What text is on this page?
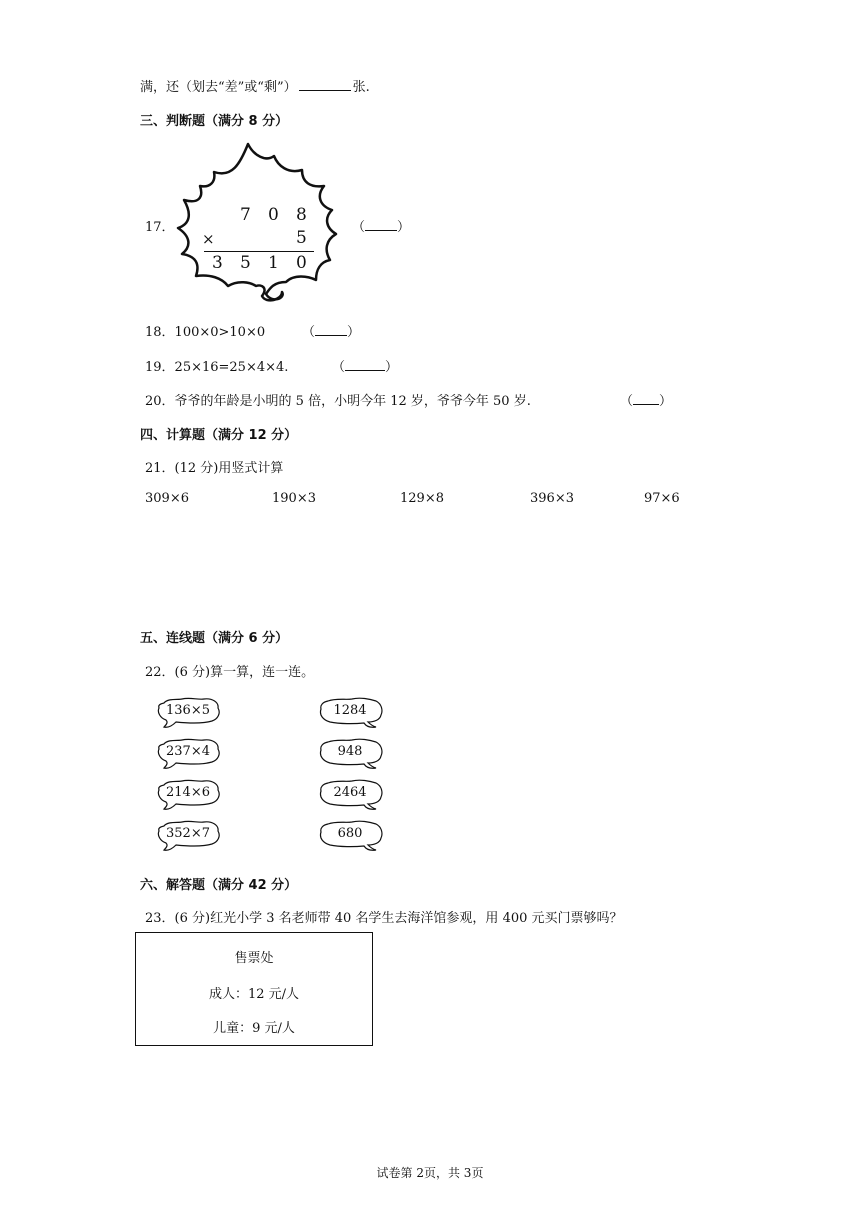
满，还（划去“差”或“剩”）	张.
三、判断题（满分 8 分）
17．
7 0 8
×	5
3 5 1 0
（ ）
18．100×0>10×0	（ ）
19．25×16=25×4×4.	（	）
20．爷爷的年龄是小明的 5 倍，小明今年 12 岁，爷爷今年 50 岁.	（ ）
四、计算题（满分 12 分）
21．(12 分)用竖式计算
309×6	190×3	129×8	396×3	97×6
五、连线题（满分 6 分）
22．(6 分)算一算，连一连。
136×5
237×4
214×6
352×7
1284
948
2464
680
六、解答题（满分 42 分）
23．(6 分)红光小学 3 名老师带 40 名学生去海洋馆参观，用 400 元买门票够吗？
售票处
成人：12 元/人
儿童：9 元/人
试卷第 2页，共 3页
